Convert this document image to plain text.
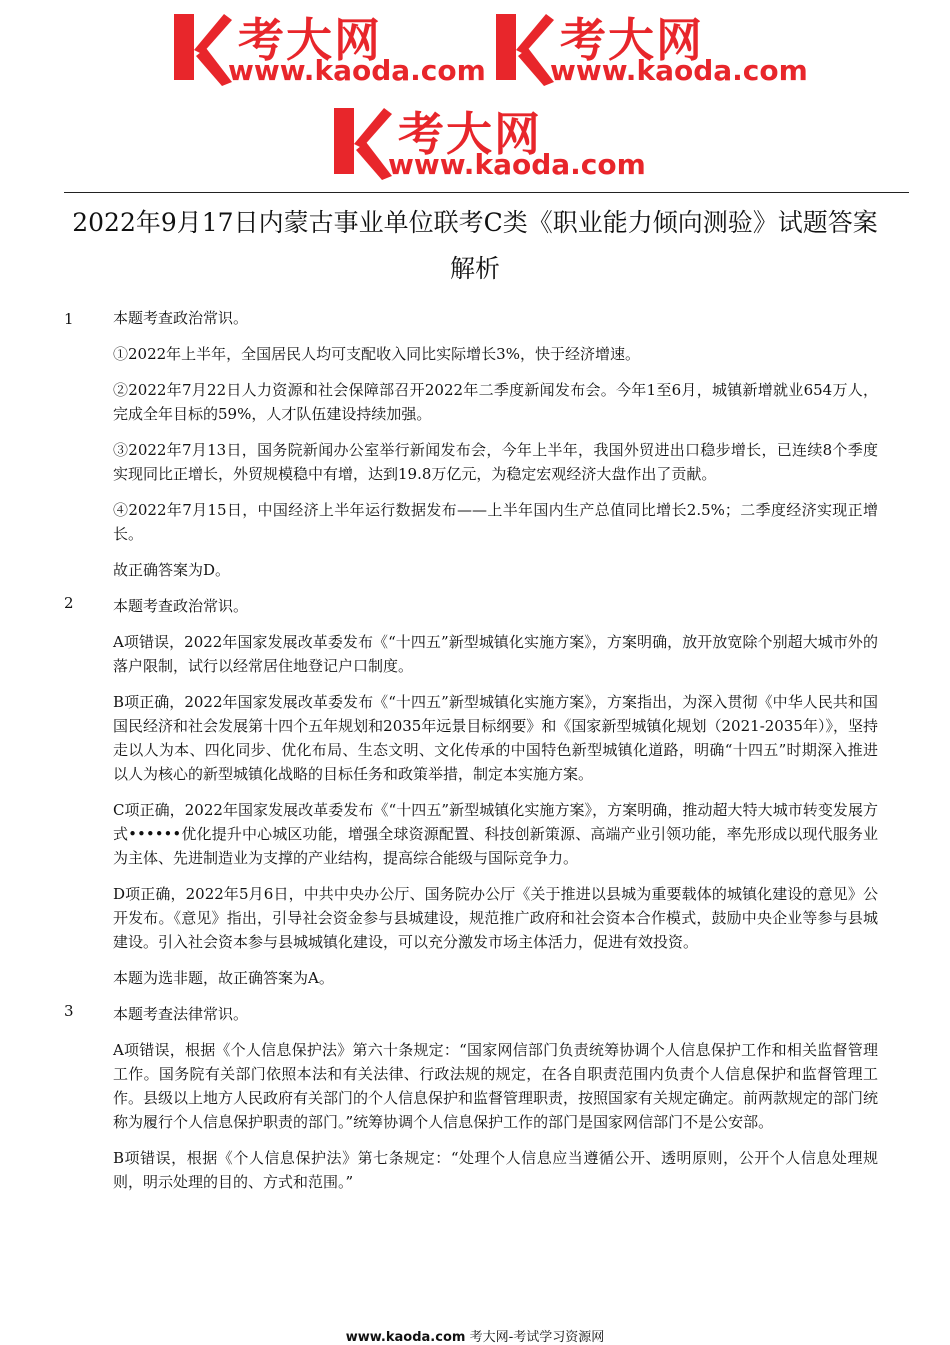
考大网
www.kaoda.com
考大网
www.kaoda.com
考大网
www.kaoda.com
2022年9月17日内蒙古事业单位联考C类《职业能力倾向测验》试题答案解析
1	本题考查政治常识。
①2022年上半年，全国居民人均可支配收入同比实际增长3%，快于经济增速。
②2022年7月22日人力资源和社会保障部召开2022年二季度新闻发布会。今年1至6月，城镇新增就业654万人，完成全年目标的59%，人才队伍建设持续加强。
③2022年7月13日，国务院新闻办公室举行新闻发布会，今年上半年，我国外贸进出口稳步增长，已连续8个季度实现同比正增长，外贸规模稳中有增，达到19.8万亿元，为稳定宏观经济大盘作出了贡献。
④2022年7月15日，中国经济上半年运行数据发布——上半年国内生产总值同比增长2.5%；二季度经济实现正增长。
故正确答案为D。
2	本题考查政治常识。
A项错误，2022年国家发展改革委发布《“十四五”新型城镇化实施方案》，方案明确，放开放宽除个别超大城市外的落户限制，试行以经常居住地登记户口制度。
B项正确，2022年国家发展改革委发布《“十四五”新型城镇化实施方案》，方案指出，为深入贯彻《中华人民共和国国民经济和社会发展第十四个五年规划和2035年远景目标纲要》和《国家新型城镇化规划（2021-2035年）》，坚持走以人为本、四化同步、优化布局、生态文明、文化传承的中国特色新型城镇化道路，明确“十四五”时期深入推进以人为核心的新型城镇化战略的目标任务和政策举措，制定本实施方案。
C项正确，2022年国家发展改革委发布《“十四五”新型城镇化实施方案》，方案明确，推动超大特大城市转变发展方式••••••优化提升中心城区功能，增强全球资源配置、科技创新策源、高端产业引领功能，率先形成以现代服务业为主体、先进制造业为支撑的产业结构，提高综合能级与国际竞争力。
D项正确，2022年5月6日，中共中央办公厅、国务院办公厅《关于推进以县城为重要载体的城镇化建设的意见》公开发布。《意见》指出，引导社会资金参与县城建设，规范推广政府和社会资本合作模式，鼓励中央企业等参与县城建设。引入社会资本参与县城城镇化建设，可以充分激发市场主体活力，促进有效投资。
本题为选非题，故正确答案为A。
3	本题考查法律常识。
A项错误，根据《个人信息保护法》第六十条规定：“国家网信部门负责统筹协调个人信息保护工作和相关监督管理工作。国务院有关部门依照本法和有关法律、行政法规的规定，在各自职责范围内负责个人信息保护和监督管理工作。县级以上地方人民政府有关部门的个人信息保护和监督管理职责，按照国家有关规定确定。前两款规定的部门统称为履行个人信息保护职责的部门。”统筹协调个人信息保护工作的部门是国家网信部门不是公安部。
B项错误，根据《个人信息保护法》第七条规定：“处理个人信息应当遵循公开、透明原则，公开个人信息处理规则，明示处理的目的、方式和范围。”
www.kaoda.com 考大网-考试学习资源网
